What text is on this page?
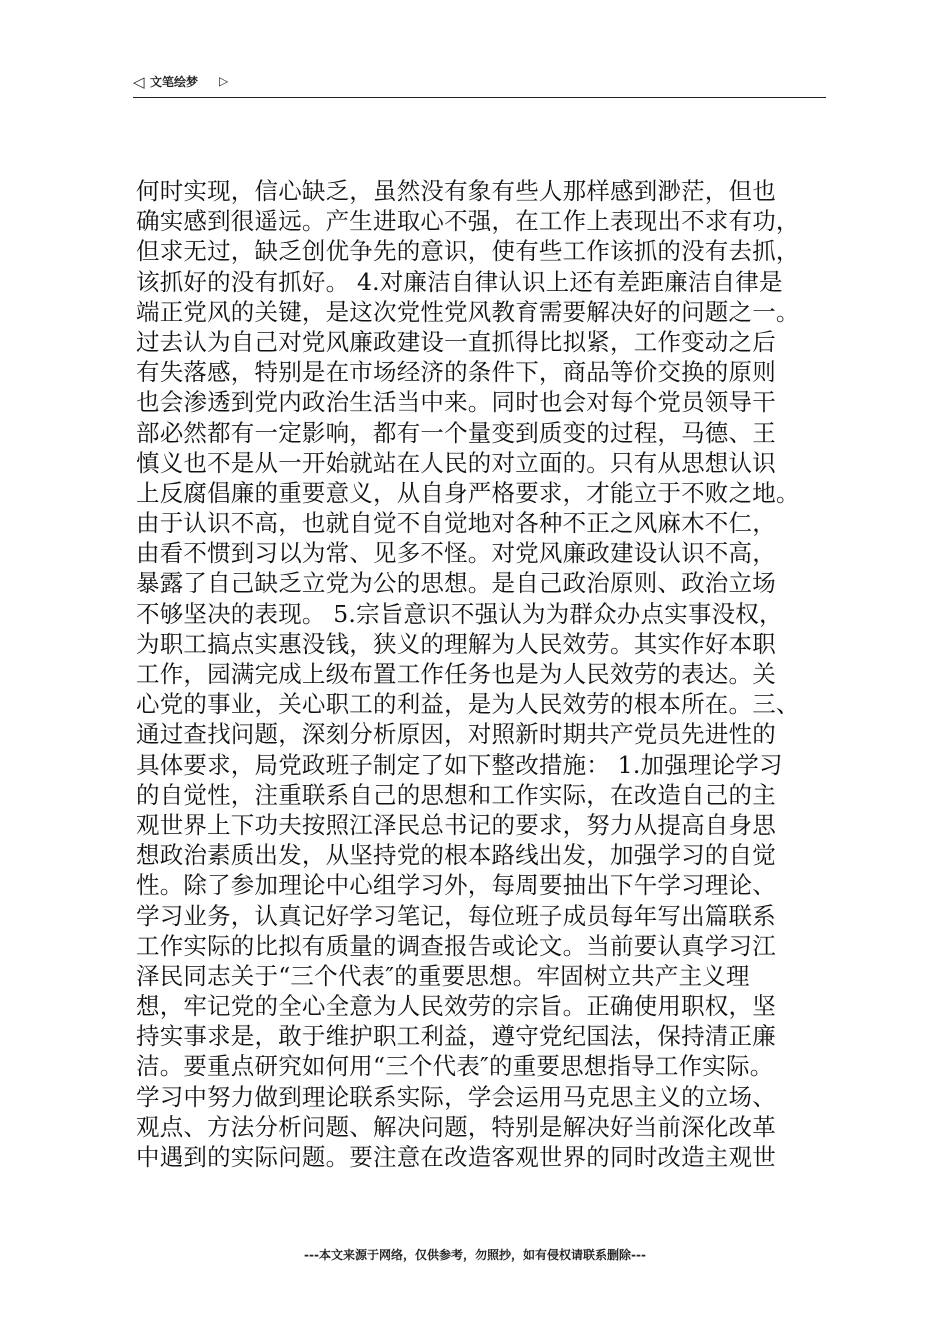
◁ 文笔绘梦 ▷
何时实现，信心缺乏，虽然没有象有些人那样感到渺茫，但也
确实感到很遥远。产生进取心不强，在工作上表现出不求有功，
但求无过，缺乏创优争先的意识，使有些工作该抓的没有去抓，
该抓好的没有抓好。 4.对廉洁自律认识上还有差距廉洁自律是
端正党风的关键，是这次党性党风教育需要解决好的问题之一。
过去认为自己对党风廉政建设一直抓得比拟紧，工作变动之后
有失落感，特别是在市场经济的条件下，商品等价交换的原则
也会渗透到党内政治生活当中来。同时也会对每个党员领导干
部必然都有一定影响，都有一个量变到质变的过程，马德、王
慎义也不是从一开始就站在人民的对立面的。只有从思想认识
上反腐倡廉的重要意义，从自身严格要求，才能立于不败之地。
由于认识不高，也就自觉不自觉地对各种不正之风麻木不仁，
由看不惯到习以为常、见多不怪。对党风廉政建设认识不高，
暴露了自己缺乏立党为公的思想。是自己政治原则、政治立场
不够坚决的表现。 5.宗旨意识不强认为为群众办点实事没权，
为职工搞点实惠没钱，狭义的理解为人民效劳。其实作好本职
工作，园满完成上级布置工作任务也是为人民效劳的表达。关
心党的事业，关心职工的利益，是为人民效劳的根本所在。三、
通过查找问题，深刻分析原因，对照新时期共产党员先进性的
具体要求，局党政班子制定了如下整改措施： 1.加强理论学习
的自觉性，注重联系自己的思想和工作实际，在改造自己的主
观世界上下功夫按照江泽民总书记的要求，努力从提高自身思
想政治素质出发，从坚持党的根本路线出发，加强学习的自觉
性。除了参加理论中心组学习外，每周要抽出下午学习理论、
学习业务，认真记好学习笔记，每位班子成员每年写出篇联系
工作实际的比拟有质量的调查报告或论文。当前要认真学习江
泽民同志关于“三个代表″的重要思想。牢固树立共产主义理
想，牢记党的全心全意为人民效劳的宗旨。正确使用职权，坚
持实事求是，敢于维护职工利益，遵守党纪国法，保持清正廉
洁。要重点研究如何用“三个代表″的重要思想指导工作实际。
学习中努力做到理论联系实际，学会运用马克思主义的立场、
观点、方法分析问题、解决问题，特别是解决好当前深化改革
中遇到的实际问题。要注意在改造客观世界的同时改造主观世
---本文来源于网络，仅供参考，勿照抄，如有侵权请联系删除---
